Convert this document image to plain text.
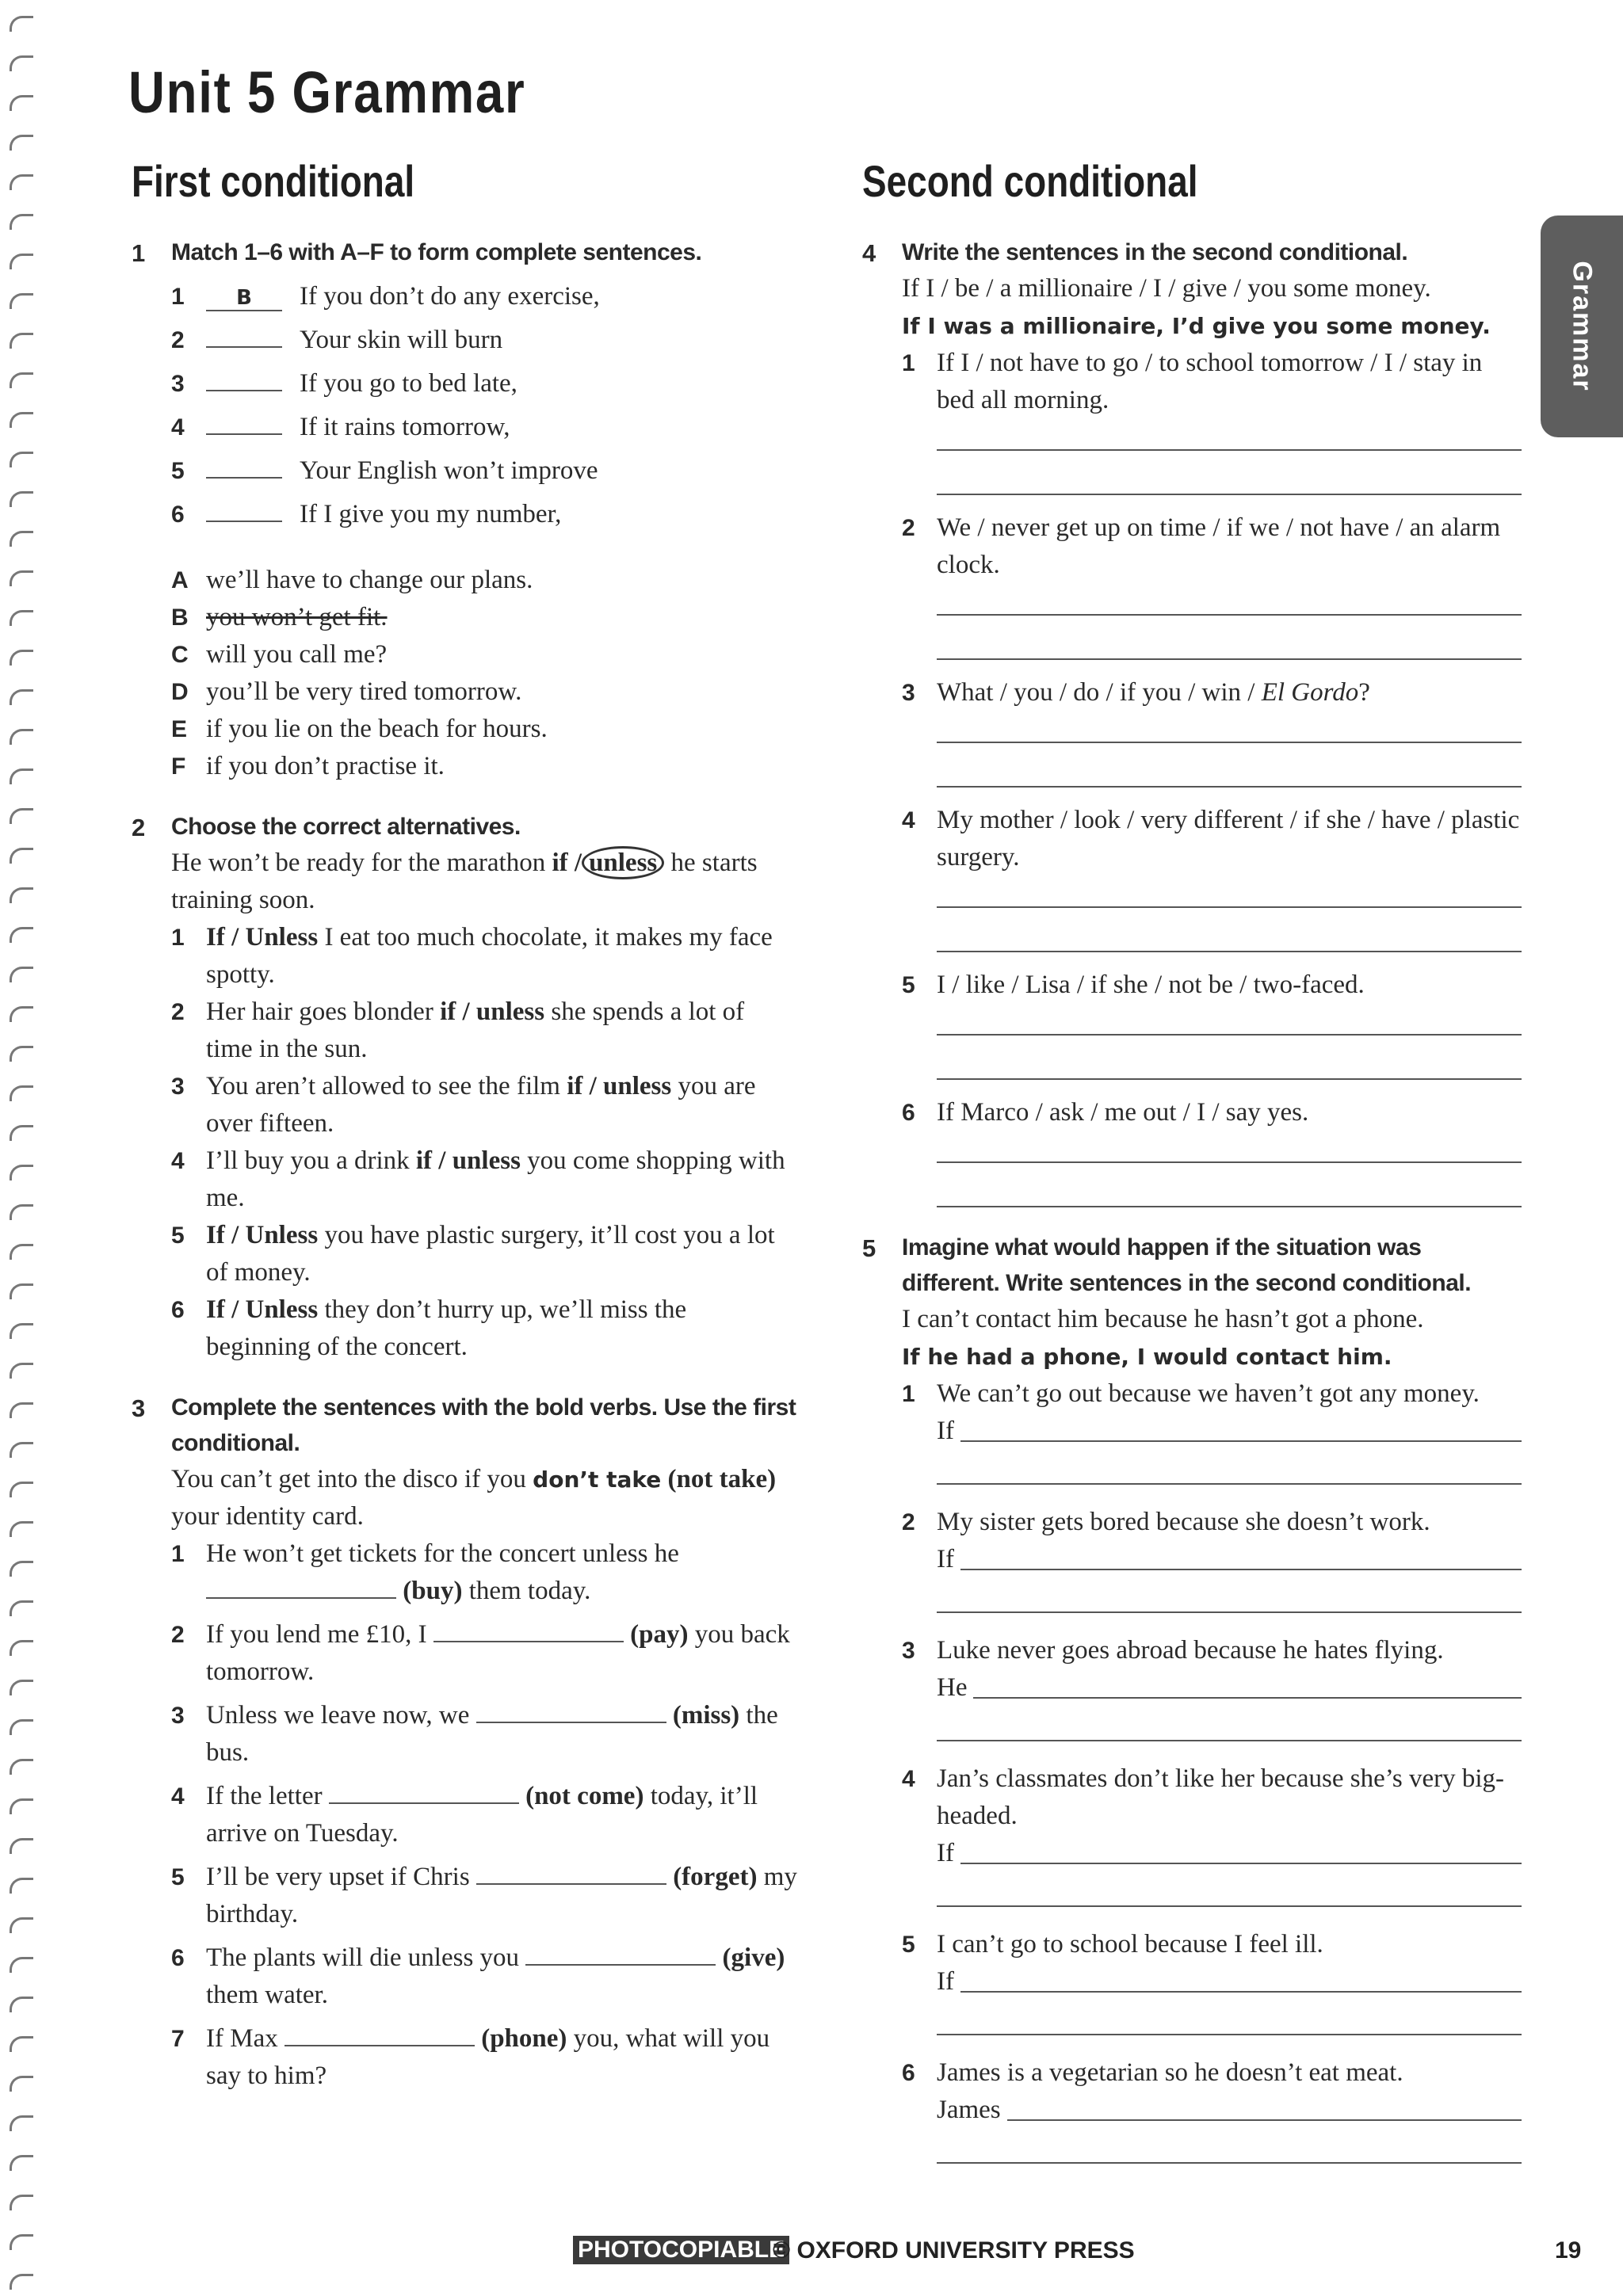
Unit 5 Grammar
Grammar
First conditional	Second conditional
1 Match 1–6 with A–F to form complete sentences.
1	B If you don’t do any exercise,
2	Your skin will burn
3	If you go to bed late,
4	If it rains tomorrow,
5	Your English won’t improve
6	If I give you my number,
A we’ll have to change our plans.
B you won’t get fit.
C will you call me?
D you’ll be very tired tomorrow.
E if you lie on the beach for hours.
F if you don’t practise it.
2 Choose the correct alternatives.
He won’t be ready for the marathon if / unless he starts training soon.
1 If / Unless I eat too much chocolate, it makes my face spotty.
2 Her hair goes blonder if / unless she spends a lot of time in the sun.
3 You aren’t allowed to see the film if / unless you are over fifteen.
4 I’ll buy you a drink if / unless you come shopping with me.
5 If / Unless you have plastic surgery, it’ll cost you a lot of money.
6 If / Unless they don’t hurry up, we’ll miss the beginning of the concert.
3 Complete the sentences with the bold verbs. Use the first conditional.
You can’t get into the disco if you don’t take (not take) your identity card.
1 He won’t get tickets for the concert unless he  (buy) them today.
2 If you lend me £10, I	(pay) you back tomorrow.
3 Unless we leave now, we	(miss) the bus.
4 If the letter	(not come) today, it’ll arrive on Tuesday.
5 I’ll be very upset if Chris	(forget) my birthday.
6 The plants will die unless you	(give) them water.
7 If Max	(phone) you, what will you say to him?
4 Write the sentences in the second conditional.
If I / be / a millionaire / I / give / you some money.
If I was a millionaire, I’d give you some money.
1 If I / not have to go / to school tomorrow / I / stay in bed all morning.
2 We / never get up on time / if we / not have / an alarm clock.
3 What / you / do / if you / win / El Gordo?
4 My mother / look / very different / if she / have / plastic surgery.
5 I / like / Lisa / if she / not be / two-faced.
6 If Marco / ask / me out / I / say yes.
5 Imagine what would happen if the situation was different. Write sentences in the second conditional.
I can’t contact him because he hasn’t got a phone.
If he had a phone, I would contact him.
1 We can’t go out because we haven’t got any money.
If
2 My sister gets bored because she doesn’t work.
If
3 Luke never goes abroad because he hates flying.
He
4 Jan’s classmates don’t like her because she’s very big-headed.
If
5 I can’t go to school because I feel ill.
If
6 James is a vegetarian so he doesn’t eat meat.
James
PHOTOCOPIABLE
© OXFORD UNIVERSITY PRESS	19
